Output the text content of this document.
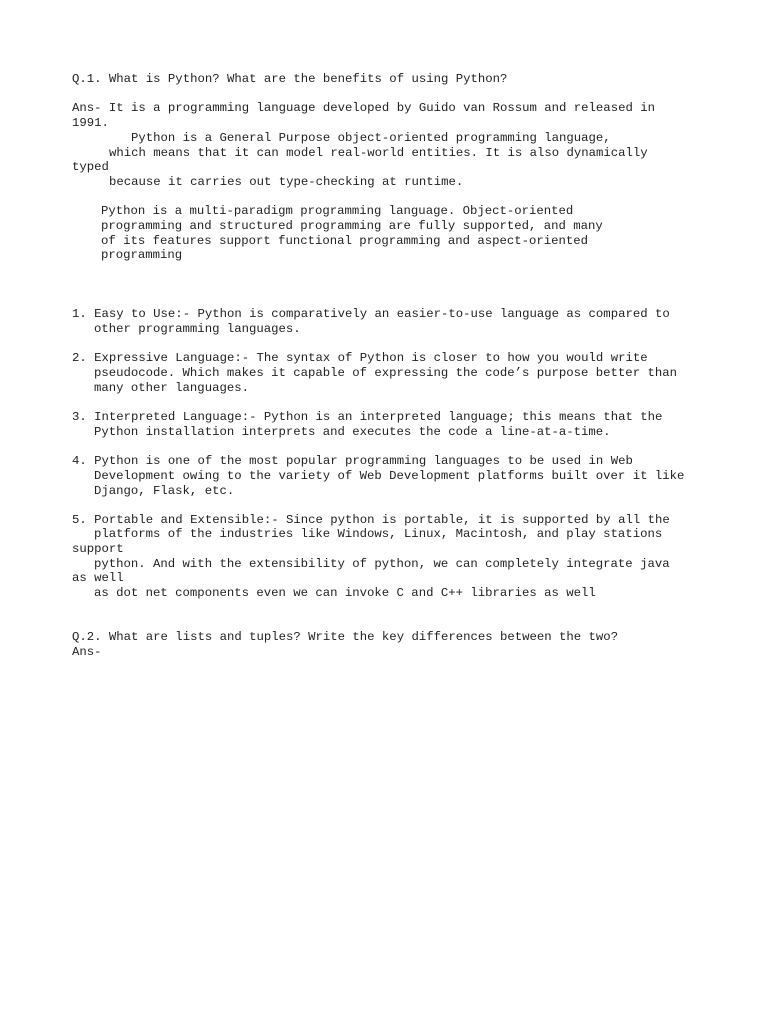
Q.1. What is Python? What are the benefits of using Python?

Ans- It is a programming language developed by Guido van Rossum and released in

1991.

Python is a General Purpose object-oriented programming language,

which means that it can model real-world entities. It is also dynamically

typed

because it carries out type-checking at runtime.

Python is a multi-paradigm programming language. Object-oriented

programming and structured programming are fully supported, and many

of its features support functional programming and aspect-oriented

programming

1. Easy to Use:- Python is comparatively an easier-to-use language as compared to

other programming languages.

2. Expressive Language:- The syntax of Python is closer to how you would write

pseudocode. Which makes it capable of expressing the code’s purpose better than

many other languages.

3. Interpreted Language:- Python is an interpreted language; this means that the

Python installation interprets and executes the code a line-at-a-time.

4. Python is one of the most popular programming languages to be used in Web

Development owing to the variety of Web Development platforms built over it like

Django, Flask, etc.

5. Portable and Extensible:- Since python is portable, it is supported by all the

platforms of the industries like Windows, Linux, Macintosh, and play stations

support

python. And with the extensibility of python, we can completely integrate java

as well

as dot net components even we can invoke C and C++ libraries as well

Q.2. What are lists and tuples? Write the key differences between the two?

Ans-
